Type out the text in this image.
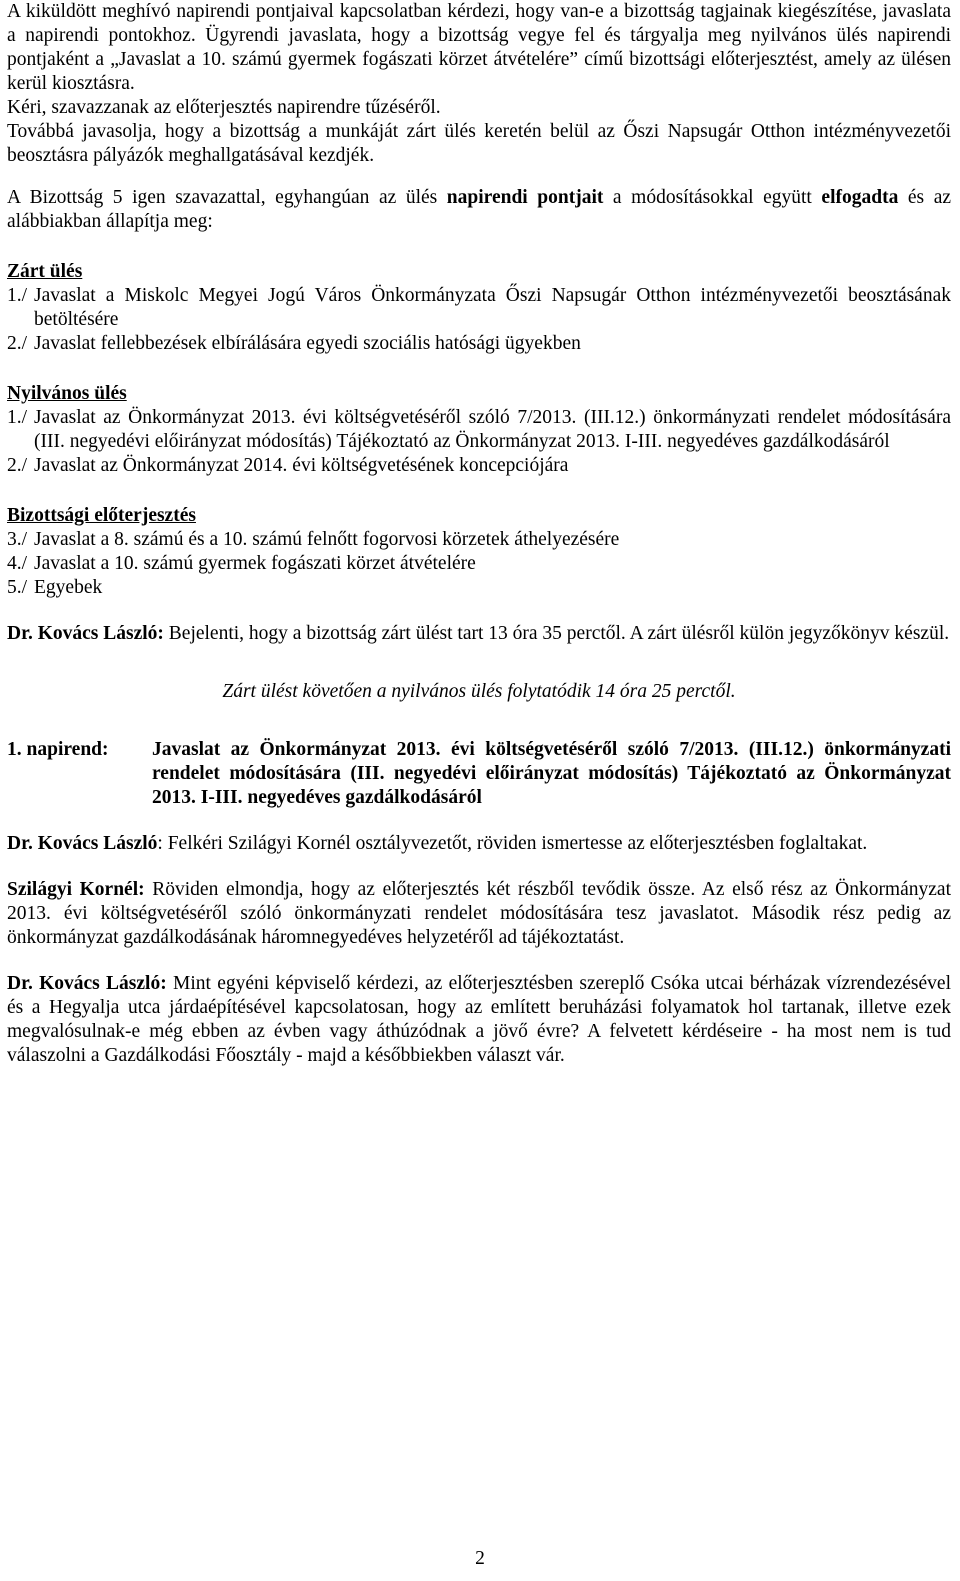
A kiküldött meghívó napirendi pontjaival kapcsolatban kérdezi, hogy van-e a bizottság tagjainak kiegészítése, javaslata a napirendi pontokhoz. Ügyrendi javaslata, hogy a bizottság vegye fel és tárgyalja meg nyilvános ülés napirendi pontjaként a „Javaslat a 10. számú gyermek fogászati körzet átvételére” című bizottsági előterjesztést, amely az ülésen kerül kiosztásra.

Kéri, szavazzanak az előterjesztés napirendre tűzéséről.

Továbbá javasolja, hogy a bizottság a munkáját zárt ülés keretén belül az Őszi Napsugár Otthon intézményvezetői beosztásra pályázók meghallgatásával kezdjék.

A Bizottság 5 igen szavazattal, egyhangúan az ülés napirendi pontjait a módosításokkal együtt elfogadta és az alábbiakban állapítja meg:

Zárt ülés

1./ Javaslat a Miskolc Megyei Jogú Város Önkormányzata Őszi Napsugár Otthon intézményvezetői beosztásának betöltésére
2./ Javaslat fellebbezések elbírálására egyedi szociális hatósági ügyekben

Nyilvános ülés

1./ Javaslat az Önkormányzat 2013. évi költségvetéséről szóló 7/2013. (III.12.) önkormányzati rendelet módosítására (III. negyedévi előirányzat módosítás) Tájékoztató az Önkormányzat 2013. I-III. negyedéves gazdálkodásáról
2./ Javaslat az Önkormányzat 2014. évi költségvetésének koncepciójára

Bizottsági előterjesztés

3./ Javaslat a 8. számú és a 10. számú felnőtt fogorvosi körzetek áthelyezésére
4./ Javaslat a 10. számú gyermek fogászati körzet átvételére
5./ Egyebek

Dr. Kovács László: Bejelenti, hogy a bizottság zárt ülést tart 13 óra 35 perctől. A zárt ülésről külön jegyzőkönyv készül.

Zárt ülést követően a nyilvános ülés folytatódik 14 óra 25 perctől.

1. napirend:	Javaslat az Önkormányzat 2013. évi költségvetéséről szóló 7/2013. (III.12.) önkormányzati rendelet módosítására (III. negyedévi előirányzat módosítás) Tájékoztató az Önkormányzat 2013. I-III. negyedéves gazdálkodásáról

Dr. Kovács László: Felkéri Szilágyi Kornél osztályvezetőt, röviden ismertesse az előterjesztésben foglaltakat.

Szilágyi Kornél: Röviden elmondja, hogy az előterjesztés két részből tevődik össze. Az első rész az Önkormányzat 2013. évi költségvetéséről szóló önkormányzati rendelet módosítására tesz javaslatot. Második rész pedig az önkormányzat gazdálkodásának háromnegyedéves helyzetéről ad tájékoztatást.

Dr. Kovács László: Mint egyéni képviselő kérdezi, az előterjesztésben szereplő Csóka utcai bérházak vízrendezésével és a Hegyalja utca járdaépítésével kapcsolatosan, hogy az említett beruházási folyamatok hol tartanak, illetve ezek megvalósulnak-e még ebben az évben vagy áthúzódnak a jövő évre? A felvetett kérdéseire - ha most nem is tud válaszolni a Gazdálkodási Főosztály - majd a későbbiekben választ vár.

2
